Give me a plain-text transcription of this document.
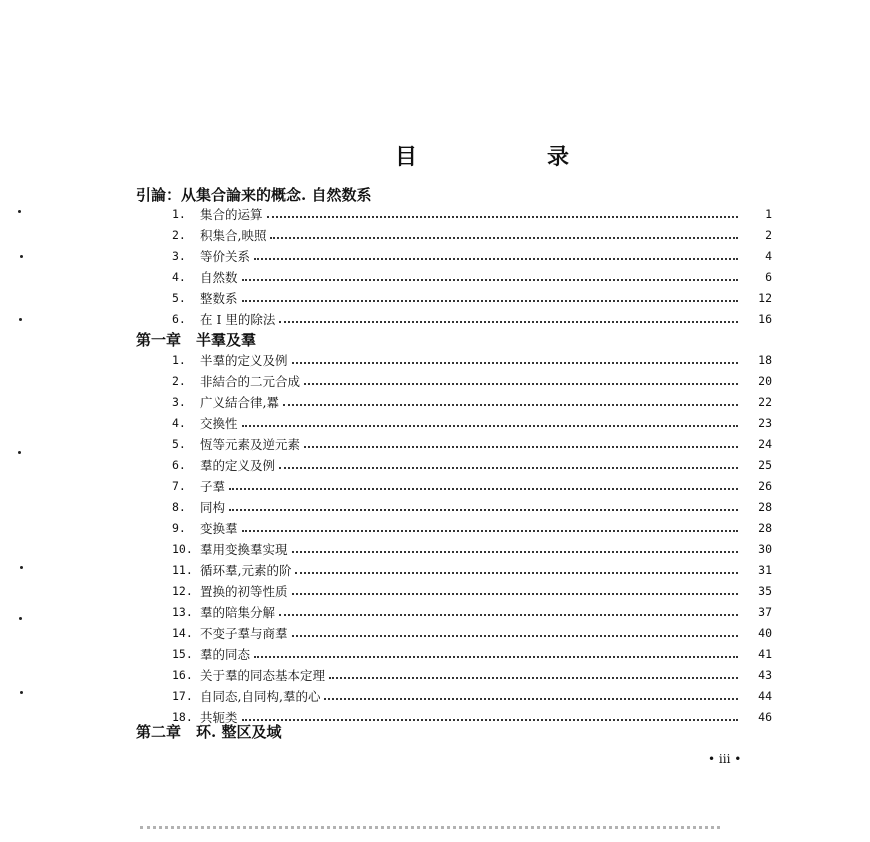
目　录
引論：从集合論来的概念. 自然数系
1.	集合的运算	1
2.	积集合,映照	2
3.	等价关系	4
4.	自然数	6
5.	整数系	12
6.	在 I 里的除法	16
第一章　半羣及羣
1.	半羣的定义及例	18
2.	非結合的二元合成	20
3.	广义結合律,羃	22
4.	交換性	23
5.	恆等元素及逆元素	24
6.	羣的定义及例	25
7.	子羣	26
8.	同构	28
9.	变换羣	28
10. 羣用变換羣实現	30
11. 循环羣,元素的阶	31
12. 置换的初等性质	35
13. 羣的陪集分解	37
14. 不变子羣与商羣	40
15. 羣的同态	41
16. 关于羣的同态基本定理	43
17. 自同态,自同构,羣的心	44
18. 共轭类	46
第二章　环. 整区及域
• iii •
